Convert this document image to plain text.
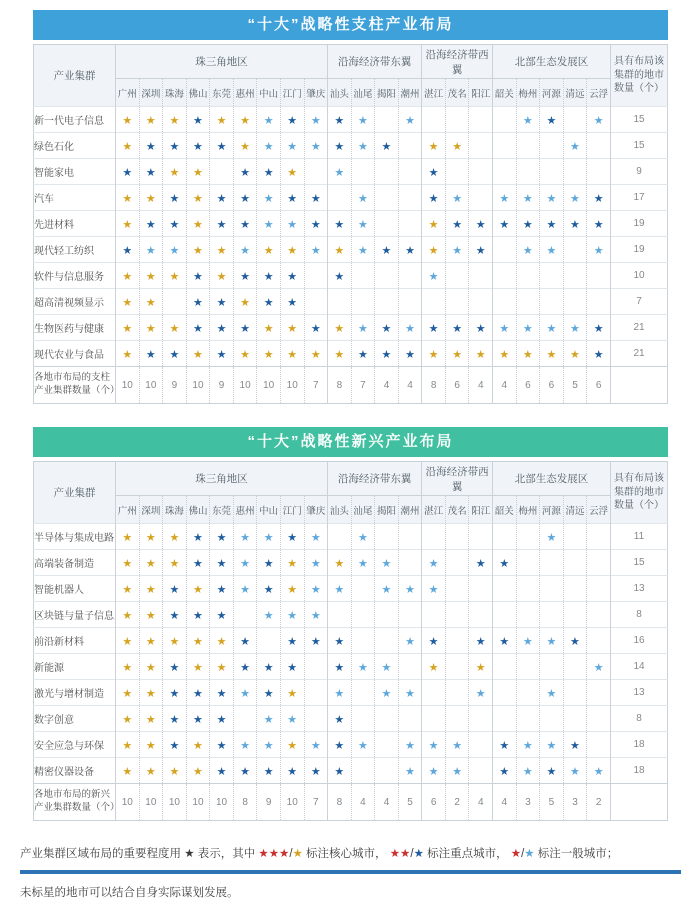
“十大”战略性支柱产业布局
产业集群	珠三角地区									沿海经济带东翼				沿海经济带西翼			北部生态发展区					具有布局该集群的地市数量（个）
	广州	深圳	珠海	佛山	东莞	惠州	中山	江门	肇庆	汕头	汕尾	揭阳	潮州	湛江	茂名	阳江	韶关	梅州	河源	清远	云浮	
新一代电子信息	★	★	★	★	★	★	★	★	★	★	★		★					★	★		★	15
绿色石化	★	★	★	★	★	★	★	★	★	★	★	★		★	★					★		15
智能家电	★	★	★	★		★	★	★		★				★								9
汽车	★	★	★	★	★	★	★	★	★		★			★	★		★	★	★	★	★	17
先进材料	★	★	★	★	★	★	★	★	★	★	★			★	★	★	★	★	★	★	★	19
现代轻工纺织	★	★	★	★	★	★	★	★	★	★	★	★	★	★	★	★		★	★		★	19
软件与信息服务	★	★	★	★	★	★	★	★		★				★								10
超高清视频显示	★	★		★	★	★	★	★														7
生物医药与健康	★	★	★	★	★	★	★	★	★	★	★	★	★	★	★	★	★	★	★	★	★	21
现代农业与食品	★	★	★	★	★	★	★	★	★	★	★	★	★	★	★	★	★	★	★	★	★	21
各地市布局的支柱产业集群数量（个）	10	10	9	10	9	10	10	10	7	8	7	4	4	8	6	4	4	6	6	5	6	
“十大”战略性新兴产业布局
产业集群	珠三角地区									沿海经济带东翼				沿海经济带西翼			北部生态发展区					具有布局该集群的地市数量（个）
	广州	深圳	珠海	佛山	东莞	惠州	中山	江门	肇庆	汕头	汕尾	揭阳	潮州	湛江	茂名	阳江	韶关	梅州	河源	清远	云浮	
半导体与集成电路	★	★	★	★	★	★	★	★	★		★								★			11
高端装备制造	★	★	★	★	★	★	★	★	★	★	★	★		★		★	★					15
智能机器人	★	★	★	★	★	★	★	★	★	★		★	★	★								13
区块链与量子信息	★	★	★	★	★		★	★	★													8
前沿新材料	★	★	★	★	★	★		★	★	★			★	★		★	★	★	★	★		16
新能源	★	★	★	★	★	★	★	★		★	★	★		★		★					★	14
激光与增材制造	★	★	★	★	★	★	★	★		★		★	★			★			★			13
数字创意	★	★	★	★	★		★	★		★												8
安全应急与环保	★	★	★	★	★	★	★	★	★	★	★		★	★	★		★	★	★	★		18
精密仪器设备	★	★	★	★	★	★	★	★	★	★			★	★	★		★	★	★	★	★	18
各地市布局的新兴产业集群数量（个）	10	10	10	10	10	8	9	10	7	8	4	4	5	6	2	4	4	3	5	3	2	

产业集群区域布局的重要程度用 ★ 表示，其中 ★★★/★ 标注核心城市， ★★/★ 标注重点城市， ★/★ 标注一般城市；

未标星的地市可以结合自身实际谋划发展。
